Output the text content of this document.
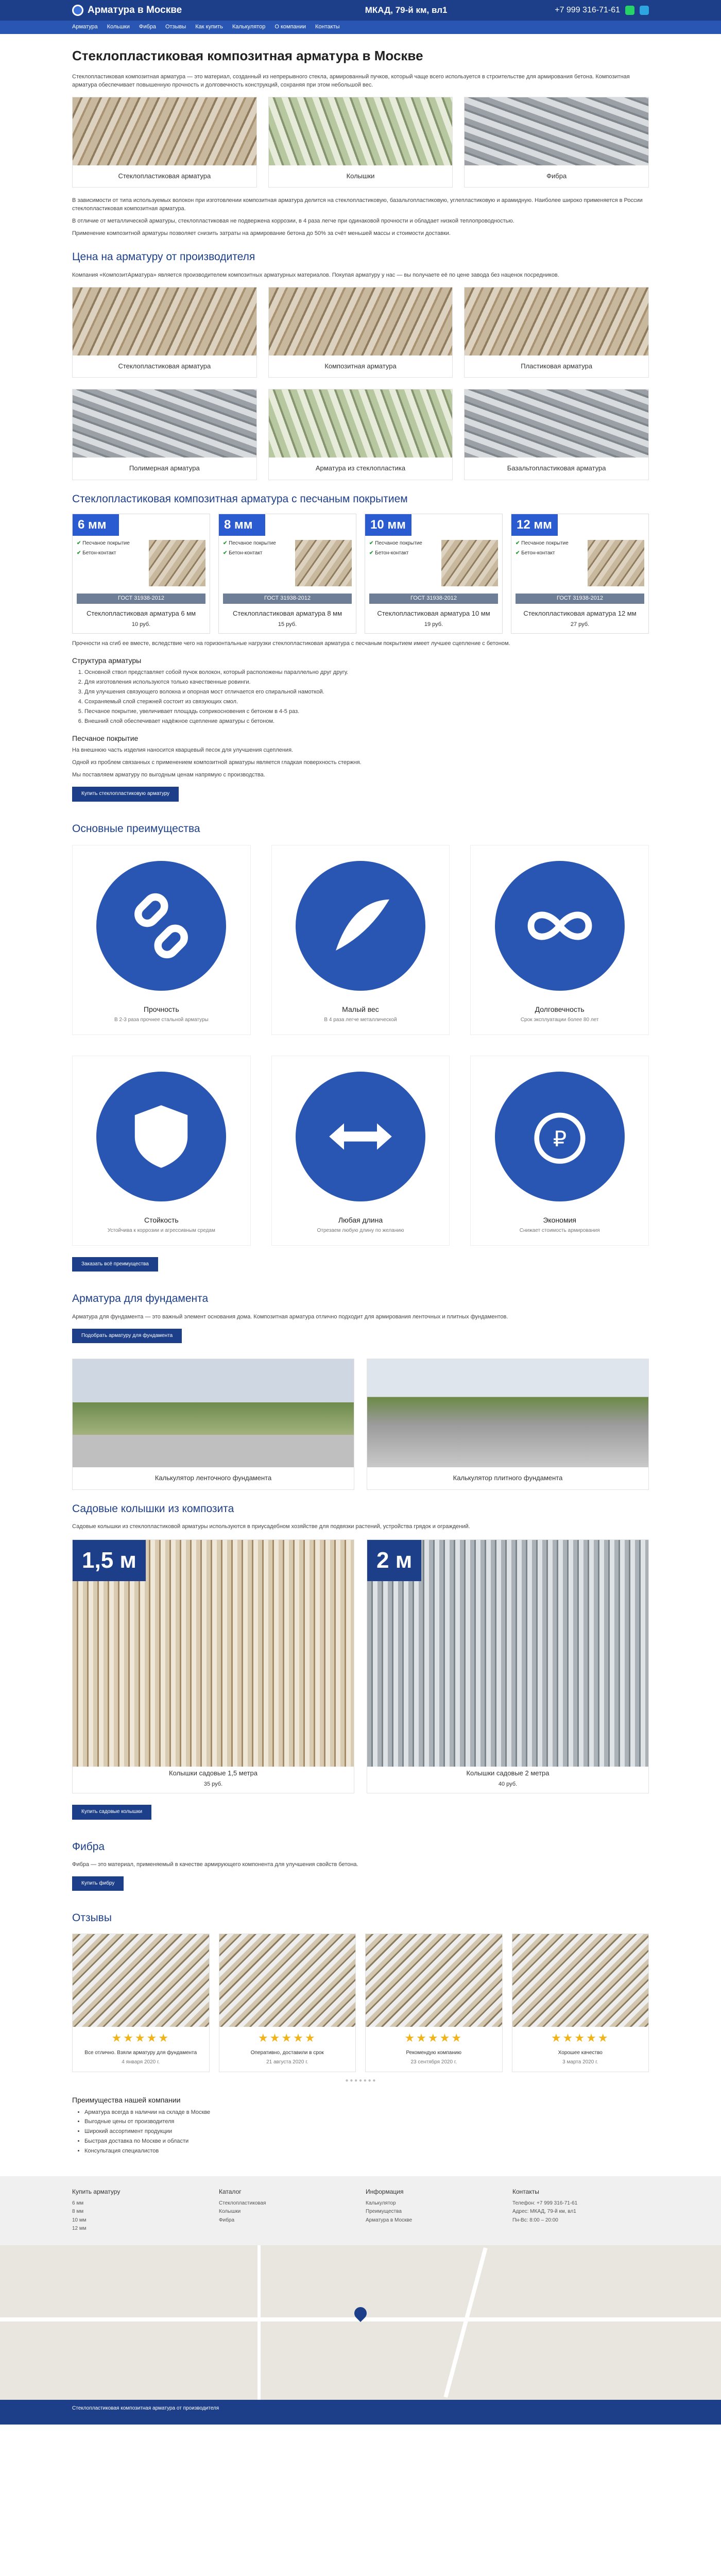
Арматура в Москве	МКАД, 79-й км, вл1	+7 999 316-71-61
Арматура Кольшки Фибра Отзывы Как купить Калькулятор О компании Контакты
Стеклопластиковая композитная арматура в Москве

Стеклопластиковая композитная арматура — это материал, созданный из непрерывного стекла, армированный пучков, который чаще всего используется в строительстве для армирования бетона. Композитная арматура обеспечивает повышенную прочность и долговечность конструкций, сохраняя при этом небольшой вес.

Стеклопластиковая арматура	Колышки	Фибра

В зависимости от типа используемых волокон при изготовлении композитная арматура делится на стеклопластиковую, базальтопластиковую, углепластиковую и арамидную. Наиболее широко применяется в России стеклопластиковая композитная арматура.

В отличие от металлической арматуры, стеклопластиковая не подвержена коррозии, в 4 раза легче при одинаковой прочности и обладает низкой теплопроводностью.

Применение композитной арматуры позволяет снизить затраты на армирование бетона до 50% за счёт меньшей массы и стоимости доставки.

Цена на арматуру от производителя

Компания «КомпозитАрматура» является производителем композитных арматурных материалов. Покупая арматуру у нас — вы получаете её по цене завода без наценок посредников.

Стеклопластиковая арматура	Композитная арматура	Пластиковая арматура
Полимерная арматура	Арматура из стеклопластика	Базальтопластиковая арматура
Стеклопластиковая композитная арматура с песчаным покрытием
6 мм
✔ Песчаное покрытие
✔ Бетон-контакт
ГОСТ 31938-2012
Стеклопластиковая арматура 6 мм
10 руб.
8 мм
✔ Песчаное покрытие
✔ Бетон-контакт
ГОСТ 31938-2012
Стеклопластиковая арматура 8 мм
15 руб.
10 мм
✔ Песчаное покрытие
✔ Бетон-контакт
ГОСТ 31938-2012
Стеклопластиковая арматура 10 мм
19 руб.
12 мм
✔ Песчаное покрытие
✔ Бетон-контакт
ГОСТ 31938-2012
Стеклопластиковая арматура 12 мм
27 руб.

Прочности на сгиб ее вместе, вследствие чего на горизонтальные нагрузки стеклопластиковая арматура с песчаным покрытием имеет лучшее сцепление с бетоном.

Структура арматуры
1. Основной ствол представляет собой пучок волокон, который расположены параллельно друг другу.
2. Для изготовления используются только качественные ровинги.
3. Для улучшения связующего волокна и опорная мост отличается его спиральной намоткой.
4. Сохраняемый слой стержней состоит из связующих смол.
5. Песчаное покрытие, увеличивает площадь соприкосновения с бетоном в 4-5 раз.
6. Внешний слой обеспечивает надёжное сцепление арматуры с бетоном.
Песчаное покрытие

На внешнюю часть изделия наносится кварцевый песок для улучшения сцепления.

Одной из проблем связанных с применением композитной арматуры является гладкая поверхность стержня.

Мы поставляем арматуру по выгодным ценам напрямую с производства.

Купить стеклопластиковую арматуру
Основные преимущества
Прочность
В 2-3 раза прочнее стальной арматуры
Малый вес
В 4 раза легче металлической
Долговечность
Срок эксплуатации более 80 лет
Стойкость
Устойчива к коррозии и агрессивным средам
Любая длина
Отрезаем любую длину по желанию
₽
Экономия
Снижает стоимость армирования
Заказать всё преимущества
Арматура для фундамента

Арматура для фундамента — это важный элемент основания дома. Композитная арматура отлично подходит для армирования ленточных и плитных фундаментов.

Подобрать арматуру для фундамента
Калькулятор ленточного фундамента	Калькулятор плитного фундамента
Садовые колышки из композита

Садовые колышки из стеклопластиковой арматуры используются в приусадебном хозяйстве для подвязки растений, устройства грядок и ограждений.

1,5 м
Колышки садовые 1,5 метра
35 руб.
2 м
Колышки садовые 2 метра
40 руб.
Купить садовые колышки
Фибра

Фибра — это материал, применяемый в качестве армирующего компонента для улучшения свойств бетона.

Купить фибру
Отзывы
★★★★★
Все отлично. Взяли арматуру для фундамента
4 января 2020 г.
★★★★★
Оперативно, доставили в срок
21 августа 2020 г.
★★★★★
Рекомендую компанию
23 сентября 2020 г.
★★★★★
Хорошее качество
3 марта 2020 г.
● ● ● ● ● ● ●
Преимущества нашей компании
• Арматура всегда в наличии на складе в Москве
• Выгодные цены от производителя
• Широкий ассортимент продукции
• Быстрая доставка по Москве и области
• Консультация специалистов
Купить арматуру
6 мм
8 мм
10 мм
12 мм
Каталог
Стеклопластиковая
Колышки
Фибра
Информация
Калькулятор
Преимущества
Арматура в Москве
Контакты
Телефон: +7 999 316-71-61
Адрес: МКАД, 79-й км, вл1
Пн-Вс: 8:00 – 20:00
Стеклопластиковая композитная арматура от производителя
